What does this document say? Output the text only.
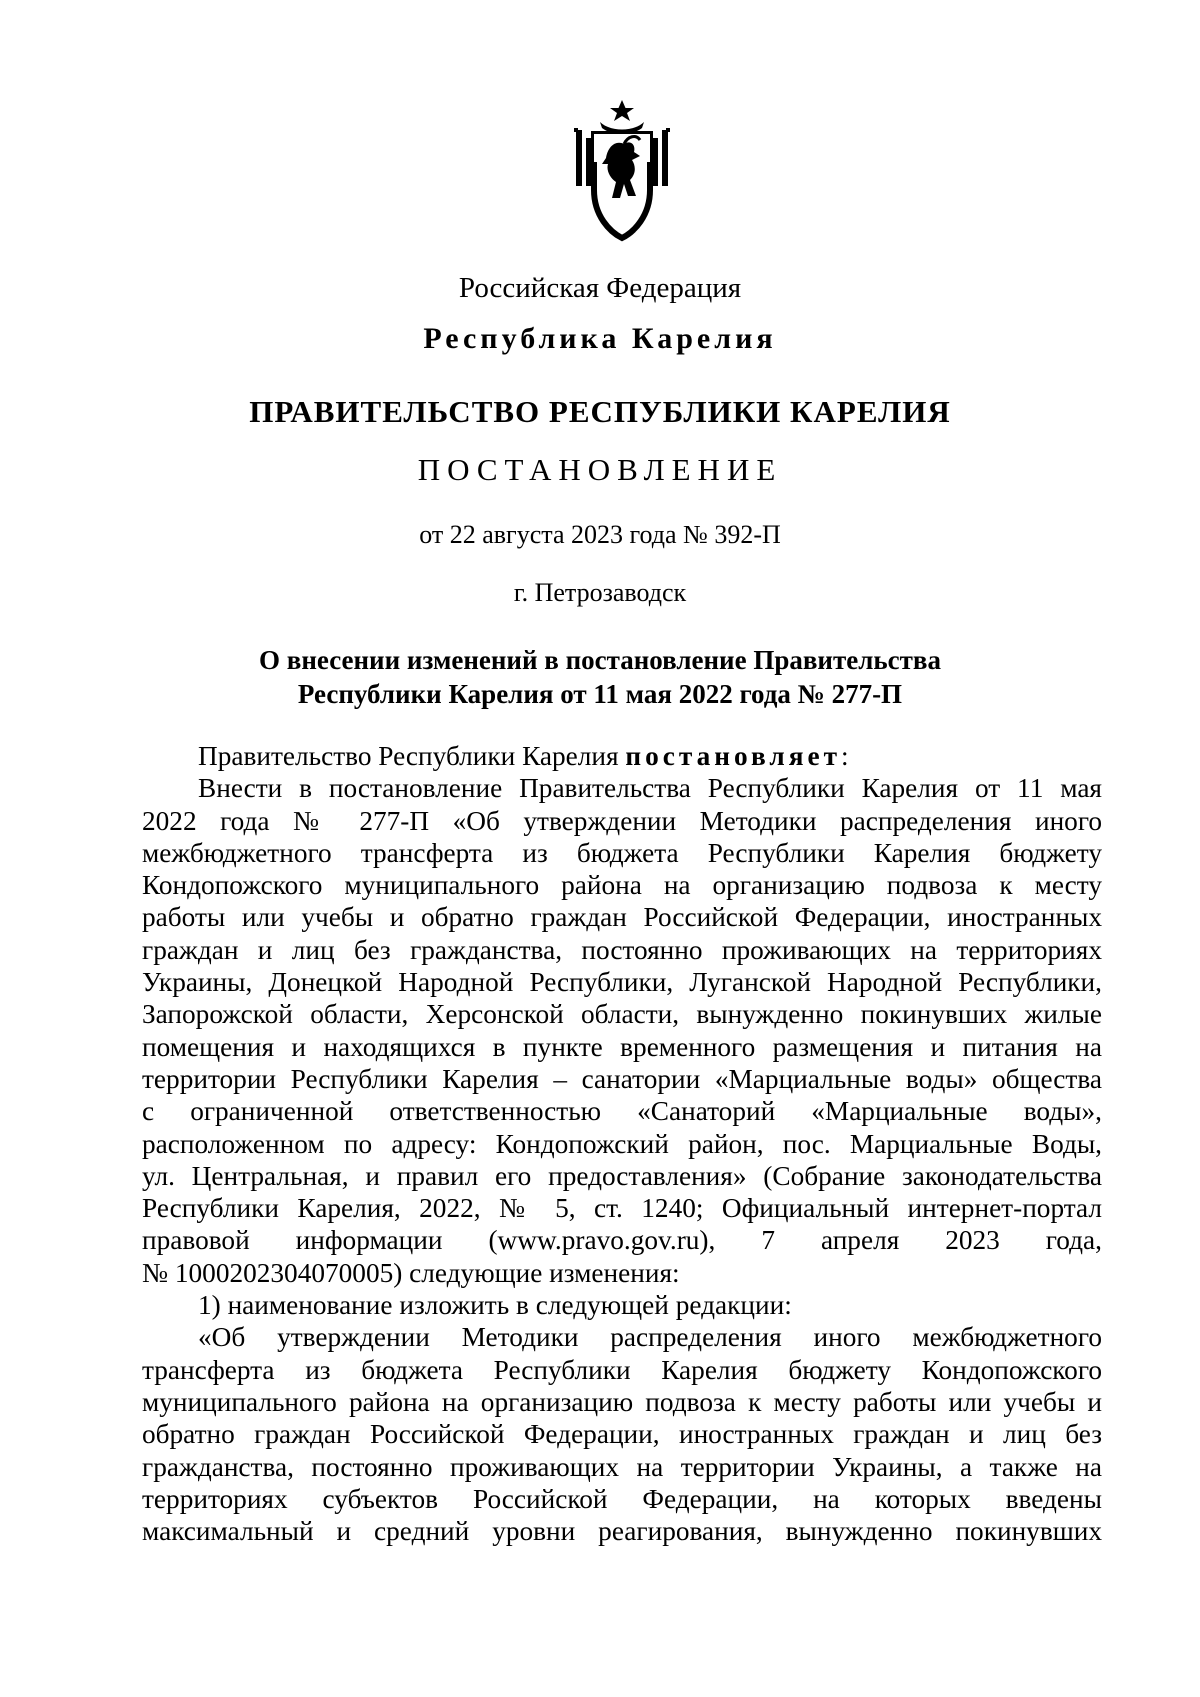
Российская Федерация
Республика Карелия
ПРАВИТЕЛЬСТВО РЕСПУБЛИКИ КАРЕЛИЯ
ПОСТАНОВЛЕНИЕ
от 22 августа 2023 года № 392-П
г. Петрозаводск
О внесении изменений в постановление Правительства
Республики Карелия от 11 мая 2022 года № 277-П
Правительство Республики Карелия постановляет:
Внести в постановление Правительства Республики Карелия от 11 мая
2022 года № 277-П «Об утверждении Методики распределения иного
межбюджетного трансферта из бюджета Республики Карелия бюджету
Кондопожского муниципального района на организацию подвоза к месту
работы или учебы и обратно граждан Российской Федерации, иностранных
граждан и лиц без гражданства, постоянно проживающих на территориях
Украины, Донецкой Народной Республики, Луганской Народной Республики,
Запорожской области, Херсонской области, вынужденно покинувших жилые
помещения и находящихся в пункте временного размещения и питания на
территории Республики Карелия – санатории «Марциальные воды» общества
с ограниченной ответственностью «Санаторий «Марциальные воды»,
расположенном по адресу: Кондопожский район, пос. Марциальные Воды,
ул. Центральная, и правил его предоставления» (Собрание законодательства
Республики Карелия, 2022, № 5, ст. 1240; Официальный интернет-портал
правовой информации (www.pravo.gov.ru), 7 апреля 2023 года,
№ 1000202304070005) следующие изменения:
1) наименование изложить в следующей редакции:
«Об утверждении Методики распределения иного межбюджетного
трансферта из бюджета Республики Карелия бюджету Кондопожского
муниципального района на организацию подвоза к месту работы или учебы и
обратно граждан Российской Федерации, иностранных граждан и лиц без
гражданства, постоянно проживающих на территории Украины, а также на
территориях субъектов Российской Федерации, на которых введены
максимальный и средний уровни реагирования, вынужденно покинувших
